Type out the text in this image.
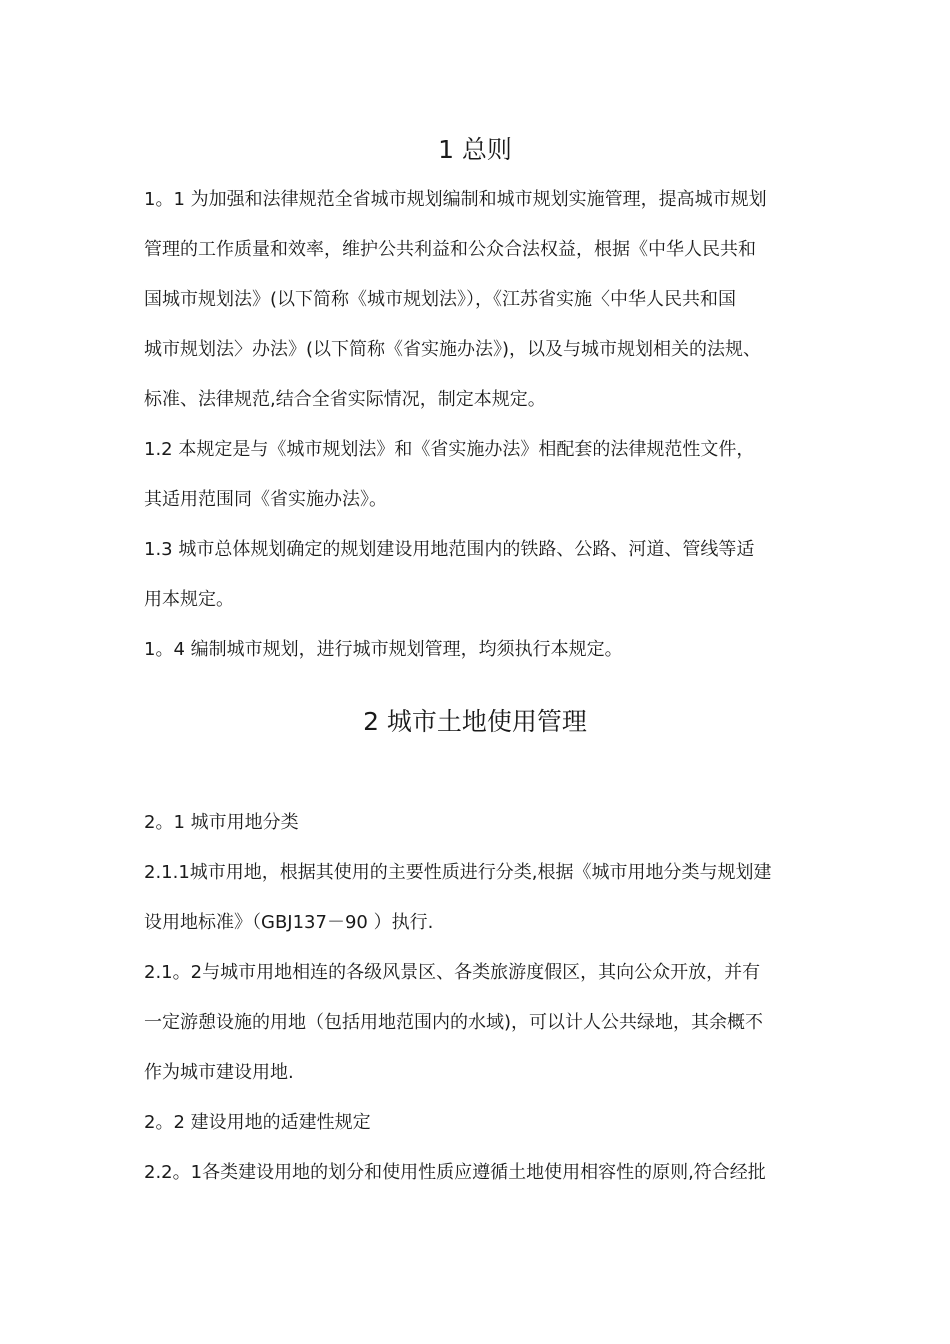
1 总则

1。1 为加强和法律规范全省城市规划编制和城市规划实施管理，提高城市规划

管理的工作质量和效率，维护公共利益和公众合法权益，根据《中华人民共和

国城市规划法》(以下简称《城市规划法》），《江苏省实施〈中华人民共和国

城市规划法〉办法》(以下简称《省实施办法》)，以及与城市规划相关的法规、

标准、法律规范,结合全省实际情况，制定本规定。

1.2 本规定是与《城市规划法》和《省实施办法》相配套的法律规范性文件，

其适用范围同《省实施办法》。

1.3 城市总体规划确定的规划建设用地范围内的铁路、公路、河道、管线等适

用本规定。

1。4 编制城市规划，进行城市规划管理，均须执行本规定。

2 城市土地使用管理

2。1 城市用地分类

2.1.1城市用地，根据其使用的主要性质进行分类,根据《城市用地分类与规划建

设用地标准》（GBJ137－90 ）执行.

2.1。2与城市用地相连的各级风景区、各类旅游度假区，其向公众开放，并有

一定游憩设施的用地（包括用地范围内的水域)，可以计人公共绿地，其余概不

作为城市建设用地.

2。2 建设用地的适建性规定

2.2。1各类建设用地的划分和使用性质应遵循土地使用相容性的原则,符合经批
